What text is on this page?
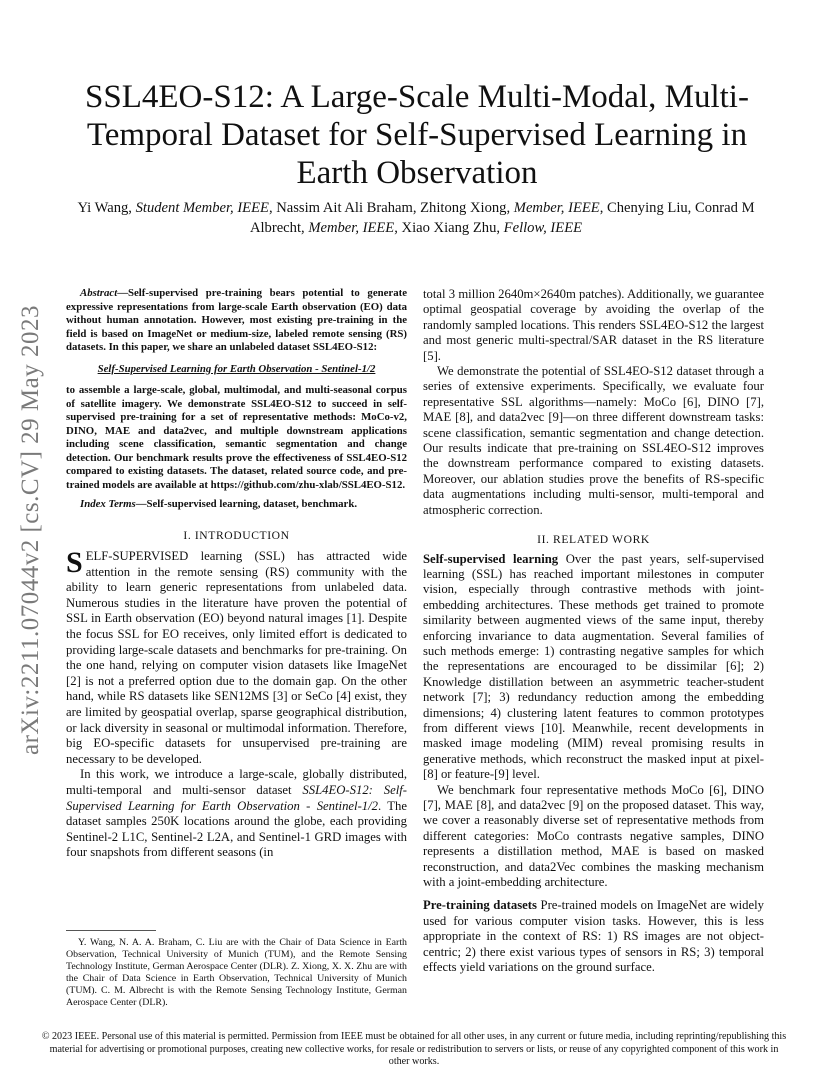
arXiv:2211.07044v2 [cs.CV] 29 May 2023
SSL4EO-S12: A Large-Scale Multi-Modal, Multi-Temporal Dataset for Self-Supervised Learning in Earth Observation
Yi Wang, Student Member, IEEE, Nassim Ait Ali Braham, Zhitong Xiong, Member, IEEE, Chenying Liu, Conrad M Albrecht, Member, IEEE, Xiao Xiang Zhu, Fellow, IEEE

Abstract—Self-supervised pre-training bears potential to generate expressive representations from large-scale Earth observation (EO) data without human annotation. However, most existing pre-training in the field is based on ImageNet or medium-size, labeled remote sensing (RS) datasets. In this paper, we share an unlabeled dataset SSL4EO-S12:

Self-Supervised Learning for Earth Observation - Sentinel-1/2

to assemble a large-scale, global, multimodal, and multi-seasonal corpus of satellite imagery. We demonstrate SSL4EO-S12 to succeed in self-supervised pre-training for a set of representative methods: MoCo-v2, DINO, MAE and data2vec, and multiple downstream applications including scene classification, semantic segmentation and change detection. Our benchmark results prove the effectiveness of SSL4EO-S12 compared to existing datasets. The dataset, related source code, and pre-trained models are available at https://github.com/zhu-xlab/SSL4EO-S12.

Index Terms—Self-supervised learning, dataset, benchmark.
I. INTRODUCTION

SELF-SUPERVISED learning (SSL) has attracted wide attention in the remote sensing (RS) community with the ability to learn generic representations from unlabeled data. Numerous studies in the literature have proven the potential of SSL in Earth observation (EO) beyond natural images [1]. Despite the focus SSL for EO receives, only limited effort is dedicated to providing large-scale datasets and benchmarks for pre-training. On the one hand, relying on computer vision datasets like ImageNet [2] is not a preferred option due to the domain gap. On the other hand, while RS datasets like SEN12MS [3] or SeCo [4] exist, they are limited by geospatial overlap, sparse geographical distribution, or lack diversity in seasonal or multimodal information. Therefore, big EO-specific datasets for unsupervised pre-training are necessary to be developed.

In this work, we introduce a large-scale, globally distributed, multi-temporal and multi-sensor dataset SSL4EO-S12: Self-Supervised Learning for Earth Observation - Sentinel-1/2. The dataset samples 250K locations around the globe, each providing Sentinel-2 L1C, Sentinel-2 L2A, and Sentinel-1 GRD images with four snapshots from different seasons (in

Y. Wang, N. A. A. Braham, C. Liu are with the Chair of Data Science in Earth Observation, Technical University of Munich (TUM), and the Remote Sensing Technology Institute, German Aerospace Center (DLR). Z. Xiong, X. X. Zhu are with the Chair of Data Science in Earth Observation, Technical University of Munich (TUM). C. M. Albrecht is with the Remote Sensing Technology Institute, German Aerospace Center (DLR).

total 3 million 2640m×2640m patches). Additionally, we guarantee optimal geospatial coverage by avoiding the overlap of the randomly sampled locations. This renders SSL4EO-S12 the largest and most generic multi-spectral/SAR dataset in the RS literature [5].

We demonstrate the potential of SSL4EO-S12 dataset through a series of extensive experiments. Specifically, we evaluate four representative SSL algorithms—namely: MoCo [6], DINO [7], MAE [8], and data2vec [9]—on three different downstream tasks: scene classification, semantic segmentation and change detection. Our results indicate that pre-training on SSL4EO-S12 improves the downstream performance compared to existing datasets. Moreover, our ablation studies prove the benefits of RS-specific data augmentations including multi-sensor, multi-temporal and atmospheric correction.

II. RELATED WORK

Self-supervised learning Over the past years, self-supervised learning (SSL) has reached important milestones in computer vision, especially through contrastive methods with joint-embedding architectures. These methods get trained to promote similarity between augmented views of the same input, thereby enforcing invariance to data augmentation. Several families of such methods emerge: 1) contrasting negative samples for which the representations are encouraged to be dissimilar [6]; 2) Knowledge distillation between an asymmetric teacher-student network [7]; 3) redundancy reduction among the embedding dimensions; 4) clustering latent features to common prototypes from different views [10]. Meanwhile, recent developments in masked image modeling (MIM) reveal promising results in generative methods, which reconstruct the masked input at pixel-[8] or feature-[9] level.

We benchmark four representative methods MoCo [6], DINO [7], MAE [8], and data2vec [9] on the proposed dataset. This way, we cover a reasonably diverse set of representative methods from different categories: MoCo contrasts negative samples, DINO represents a distillation method, MAE is based on masked reconstruction, and data2Vec combines the masking mechanism with a joint-embedding architecture.

Pre-training datasets Pre-trained models on ImageNet are widely used for various computer vision tasks. However, this is less appropriate in the context of RS: 1) RS images are not object-centric; 2) there exist various types of sensors in RS; 3) temporal effects yield variations on the ground surface.

© 2023 IEEE. Personal use of this material is permitted. Permission from IEEE must be obtained for all other uses, in any current or future media, including reprinting/republishing this material for advertising or promotional purposes, creating new collective works, for resale or redistribution to servers or lists, or reuse of any copyrighted component of this work in other works.
